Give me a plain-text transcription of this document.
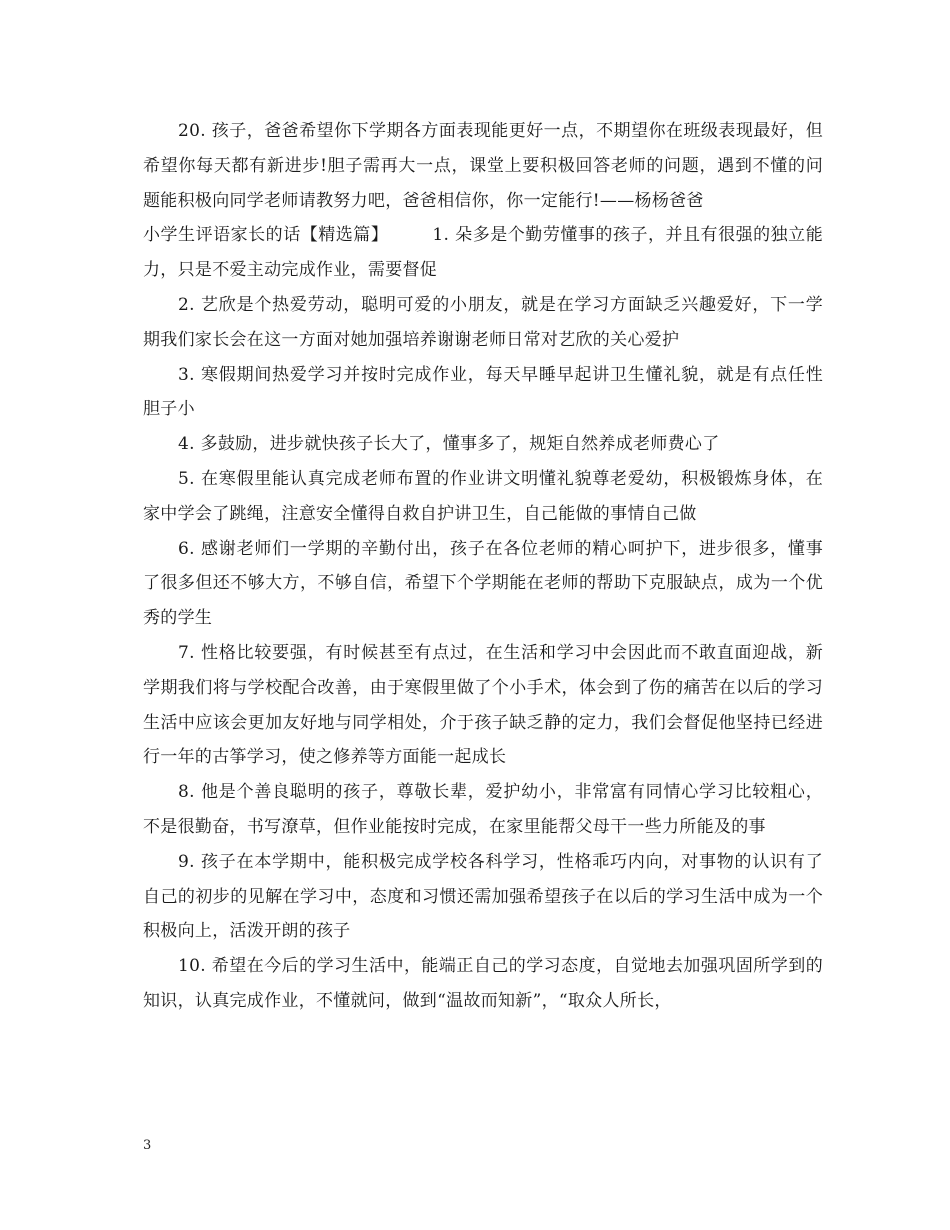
20. 孩子，爸爸希望你下学期各方面表现能更好一点，不期望你在班级表现最好，但希望你每天都有新进步!胆子需再大一点，课堂上要积极回答老师的问题，遇到不懂的问题能积极向同学老师请教努力吧，爸爸相信你，你一定能行!——杨杨爸爸

小学生评语家长的话【精选篇】　　　1. 朵多是个勤劳懂事的孩子，并且有很强的独立能力，只是不爱主动完成作业，需要督促

2. 艺欣是个热爱劳动，聪明可爱的小朋友，就是在学习方面缺乏兴趣爱好，下一学期我们家长会在这一方面对她加强培养谢谢老师日常对艺欣的关心爱护

3. 寒假期间热爱学习并按时完成作业，每天早睡早起讲卫生懂礼貌，就是有点任性胆子小

4. 多鼓励，进步就快孩子长大了，懂事多了，规矩自然养成老师费心了

5. 在寒假里能认真完成老师布置的作业讲文明懂礼貌尊老爱幼，积极锻炼身体，在家中学会了跳绳，注意安全懂得自救自护讲卫生，自己能做的事情自己做

6. 感谢老师们一学期的辛勤付出，孩子在各位老师的精心呵护下，进步很多，懂事了很多但还不够大方，不够自信，希望下个学期能在老师的帮助下克服缺点，成为一个优秀的学生

7. 性格比较要强，有时候甚至有点过，在生活和学习中会因此而不敢直面迎战，新学期我们将与学校配合改善，由于寒假里做了个小手术，体会到了伤的痛苦在以后的学习生活中应该会更加友好地与同学相处，介于孩子缺乏静的定力，我们会督促他坚持已经进行一年的古筝学习，使之修养等方面能一起成长

8. 他是个善良聪明的孩子，尊敬长辈，爱护幼小，非常富有同情心学习比较粗心，不是很勤奋，书写潦草，但作业能按时完成，在家里能帮父母干一些力所能及的事

9. 孩子在本学期中，能积极完成学校各科学习，性格乖巧内向，对事物的认识有了自己的初步的见解在学习中，态度和习惯还需加强希望孩子在以后的学习生活中成为一个积极向上，活泼开朗的孩子

10. 希望在今后的学习生活中，能端正自己的学习态度，自觉地去加强巩固所学到的知识，认真完成作业，不懂就问，做到“温故而知新”，“取众人所长，

3
